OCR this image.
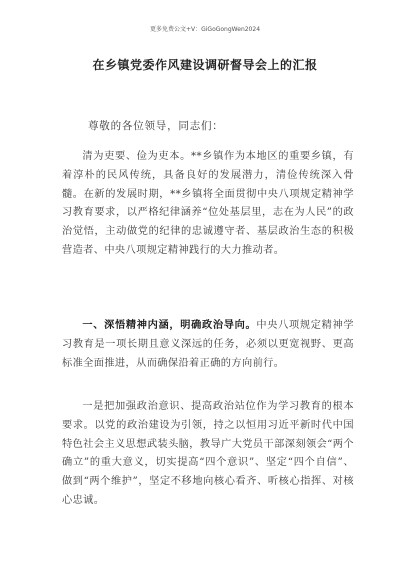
更多免费公文+V：GiGoGongWen2024
在乡镇党委作风建设调研督导会上的汇报
尊敬的各位领导，同志们：
清为吏要、俭为吏本。**乡镇作为本地区的重要乡镇，有着淳朴的民风传统，具备良好的发展潜力，清俭传统深入骨髓。在新的发展时期，**乡镇将全面贯彻中央八项规定精神学习教育要求，以严格纪律涵养“位处基层里，志在为人民”的政治觉悟，主动做党的纪律的忠诚遵守者、基层政治生态的积极营造者、中央八项规定精神践行的大力推动者。
一、深悟精神内涵，明确政治导向。中央八项规定精神学习教育是一项长期且意义深远的任务，必须以更宽视野、更高标准全面推进，从而确保沿着正确的方向前行。
一是把加强政治意识、提高政治站位作为学习教育的根本要求。以党的政治建设为引领，持之以恒用习近平新时代中国特色社会主义思想武装头脑，教导广大党员干部深刻领会“两个确立”的重大意义，切实提高“四个意识”、坚定“四个自信”、做到“两个维护”，坚定不移地向核心看齐、听核心指挥、对核心忠诚。
